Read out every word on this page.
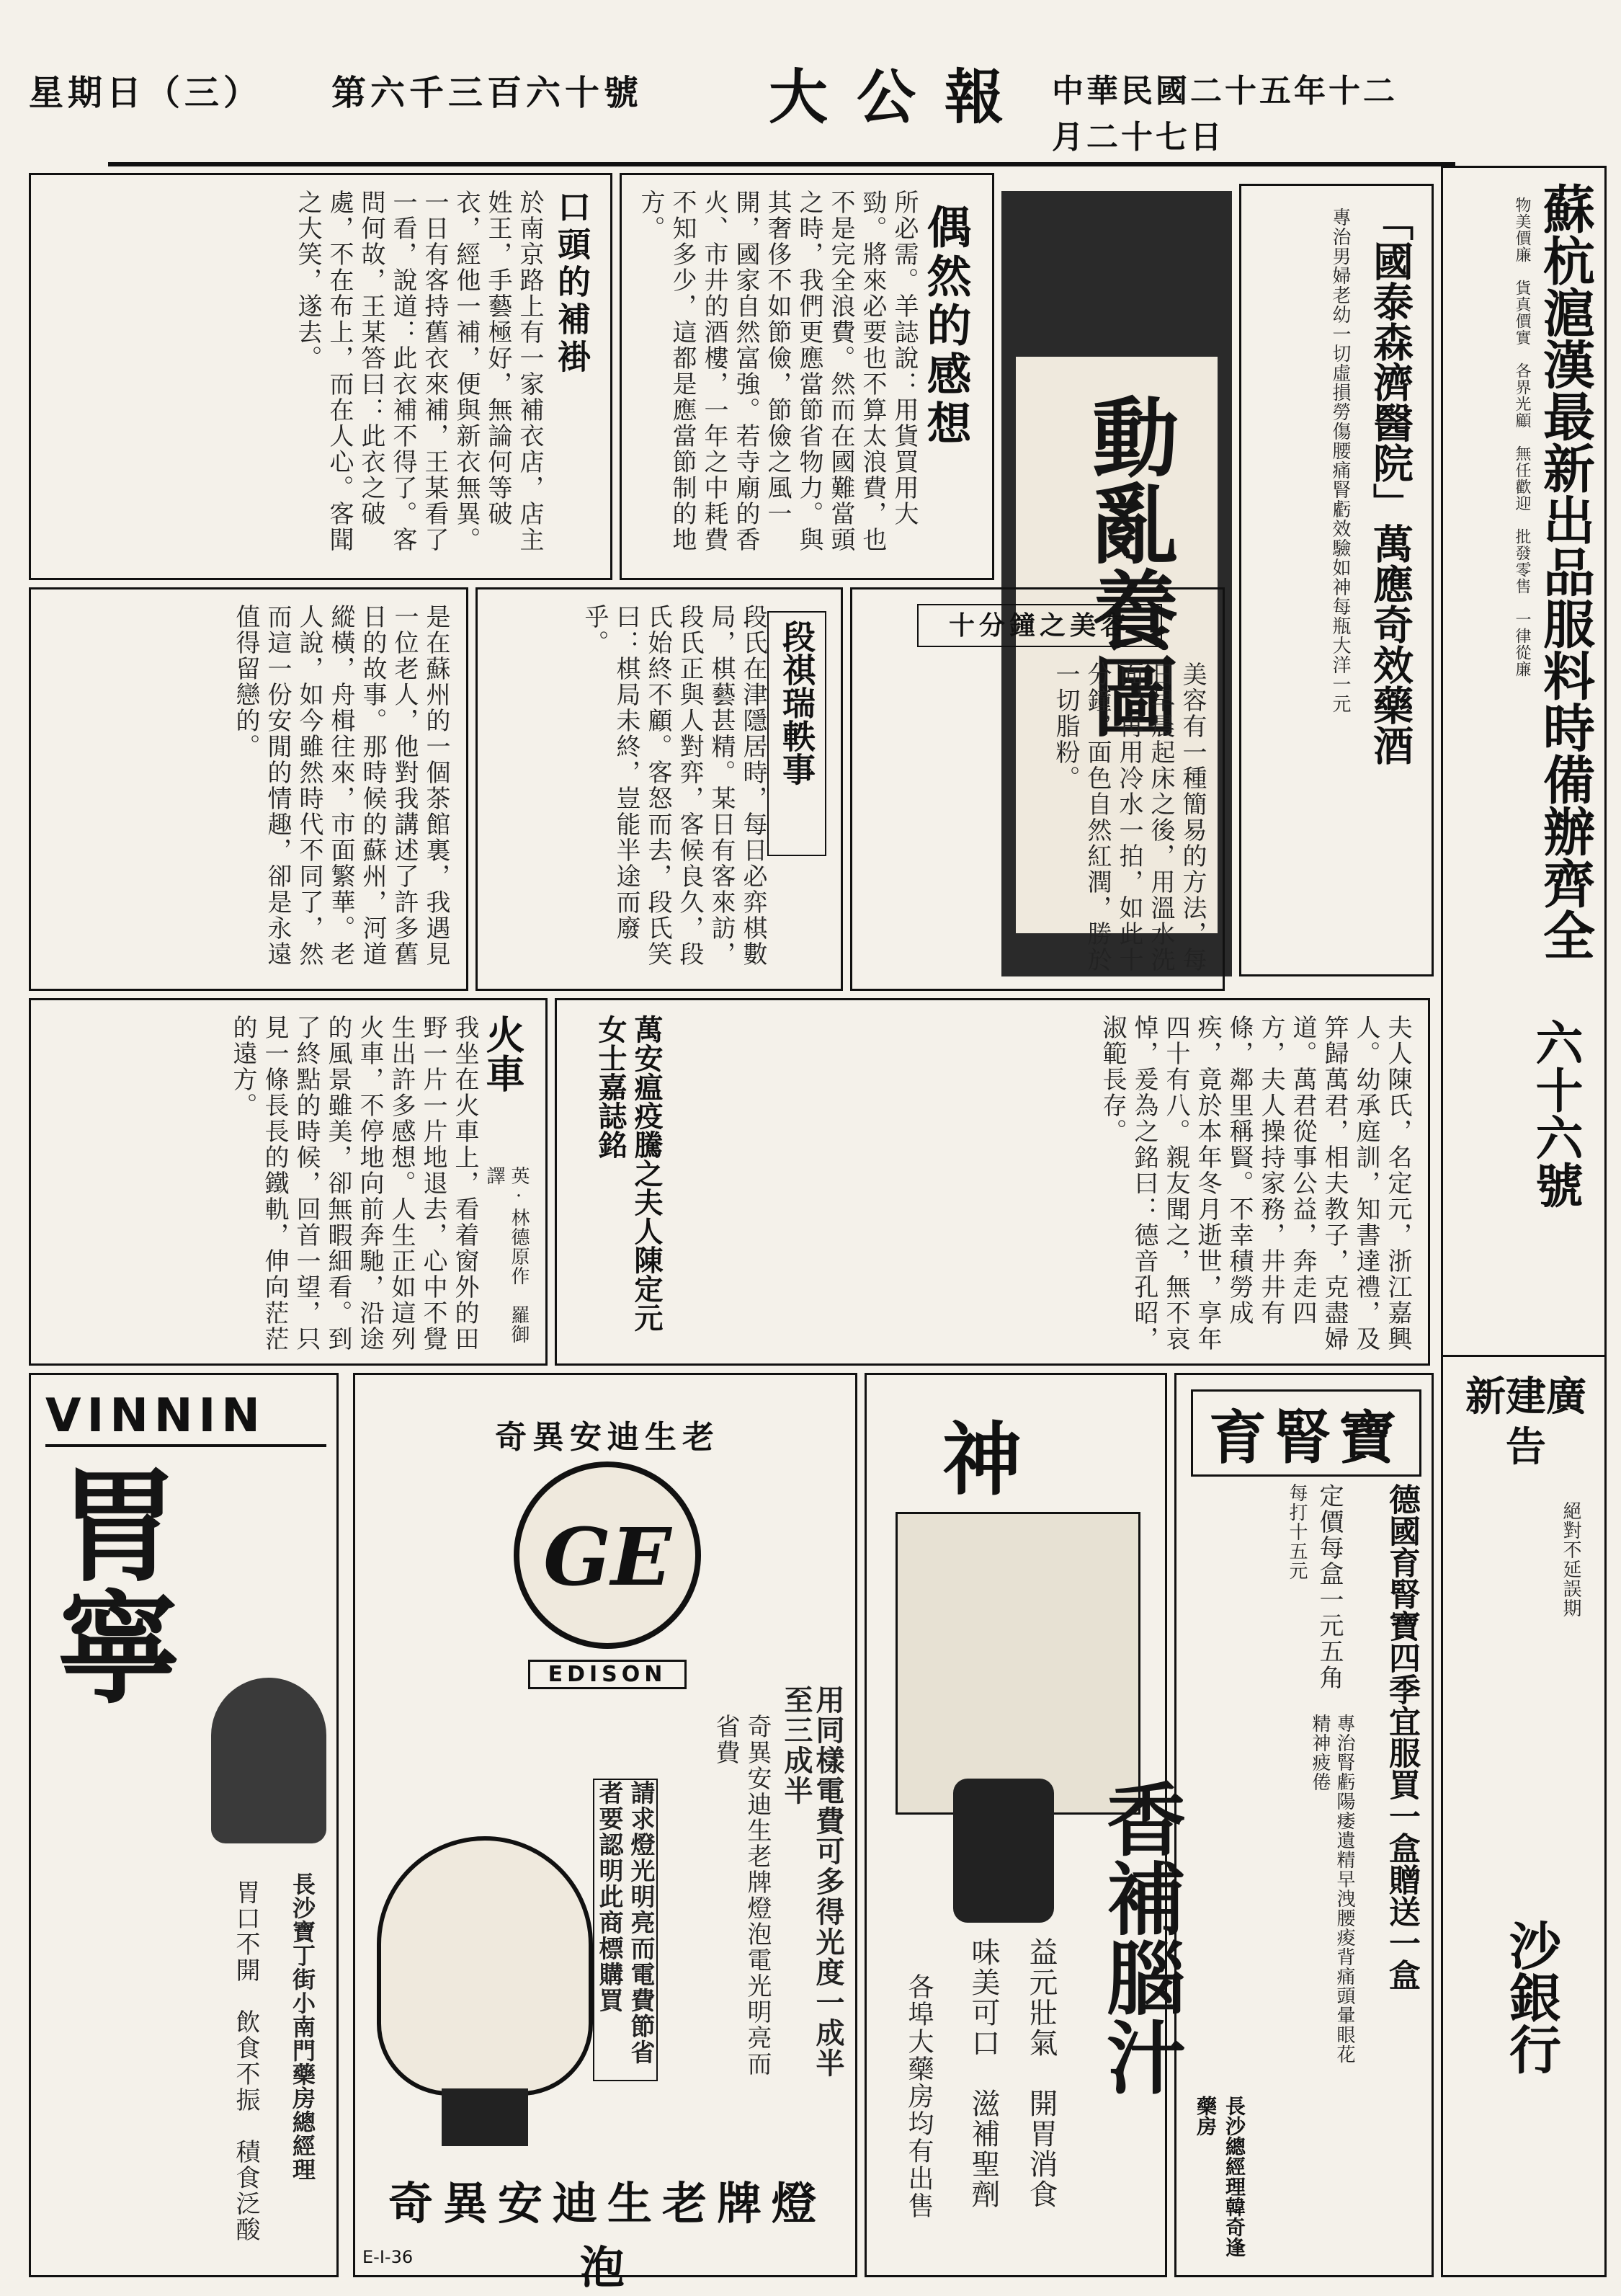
星期日（三）	第六千三百六十號	大公報 中華民國二十五年十二月二十七日
蘇杭滬漢最新出品服料時備辦齊全
物美價廉　貨真價實　各界光顧　無任歡迎　批發零售　一律從廉
六十六號
「國泰森濟醫院」萬應奇效藥酒
專治男婦老幼一切虛損勞傷腰痛腎虧效驗如神每瓶大洋一元
動亂養圖
偶然的感想
所必需。羊誌說：用貨買用大勁。將來必要也不算太浪費，也不是完全浪費。然而在國難當頭之時，我們更應當節省物力。與其奢侈不如節儉，節儉之風一開，國家自然富強。若寺廟的香火、市井的酒樓，一年之中耗費不知多少，這都是應當節制的地方。
口頭的補褂
於南京路上有一家補衣店，店主姓王，手藝極好，無論何等破衣，經他一補，便與新衣無異。一日有客持舊衣來補，王某看了一看，說道：此衣補不得了。客問何故，王某答曰：此衣之破處，不在布上，而在人心。客聞之大笑，遂去。
十分鐘之美容
美容有一種簡易的方法，每日早晨起床之後，用溫水洗面，再用冷水一拍，如此十分鐘，面色自然紅潤，勝於一切脂粉。
段祺瑞軼事
段氏在津隱居時，每日必弈棋數局，棋藝甚精。某日有客來訪，段氏正與人對弈，客候良久，段氏始終不顧。客怒而去，段氏笑曰：棋局未終，豈能半途而廢乎。
是在蘇州的一個茶館裏，我遇見一位老人，他對我講述了許多舊日的故事。那時候的蘇州，河道縱橫，舟楫往來，市面繁華。老人說，如今雖然時代不同了，然而這一份安閒的情趣，卻是永遠值得留戀的。
火車
英·林德原作　羅御譯
我坐在火車上，看着窗外的田野一片一片地退去，心中不覺生出許多感想。人生正如這列火車，不停地向前奔馳，沿途的風景雖美，卻無暇細看。到了終點的時候，回首一望，只見一條長長的鐵軌，伸向茫茫的遠方。	萬安瘟疫騰之夫人陳定元女士嘉誌銘	夫人陳氏，名定元，浙江嘉興人。幼承庭訓，知書達禮，及笄歸萬君，相夫教子，克盡婦道。萬君從事公益，奔走四方，夫人操持家務，井井有條，鄰里稱賢。不幸積勞成疾，竟於本年冬月逝世，享年四十有八。親友聞之，無不哀悼，爰為之銘曰：德音孔昭，淑範長存。
VINNIN
胃寧
長沙寶丁街小南門藥房總經理
胃口不開　飲食不振　積食泛酸
奇異安迪生老
GE
EDISON
用同樣電費可多得光度一成半至三成半
奇異安迪生老牌燈泡電光明亮而省費
請求燈光明亮而電費節省者要認明此商標購買
奇異安迪生老牌燈泡
E-I-36
神
香補腦汁
益元壯氣　開胃消食
味美可口　滋補聖劑
各埠大藥房均有出售
育腎寶
德國育腎寶四季宜服買一盒贈送一盒
定價每盒一元五角
每打十五元
專治腎虧陽痿遺精早洩腰痠背痛頭暈眼花精神疲倦
長沙總經理韓奇逢藥房
新建廣告
絕對不延誤期
沙銀行
